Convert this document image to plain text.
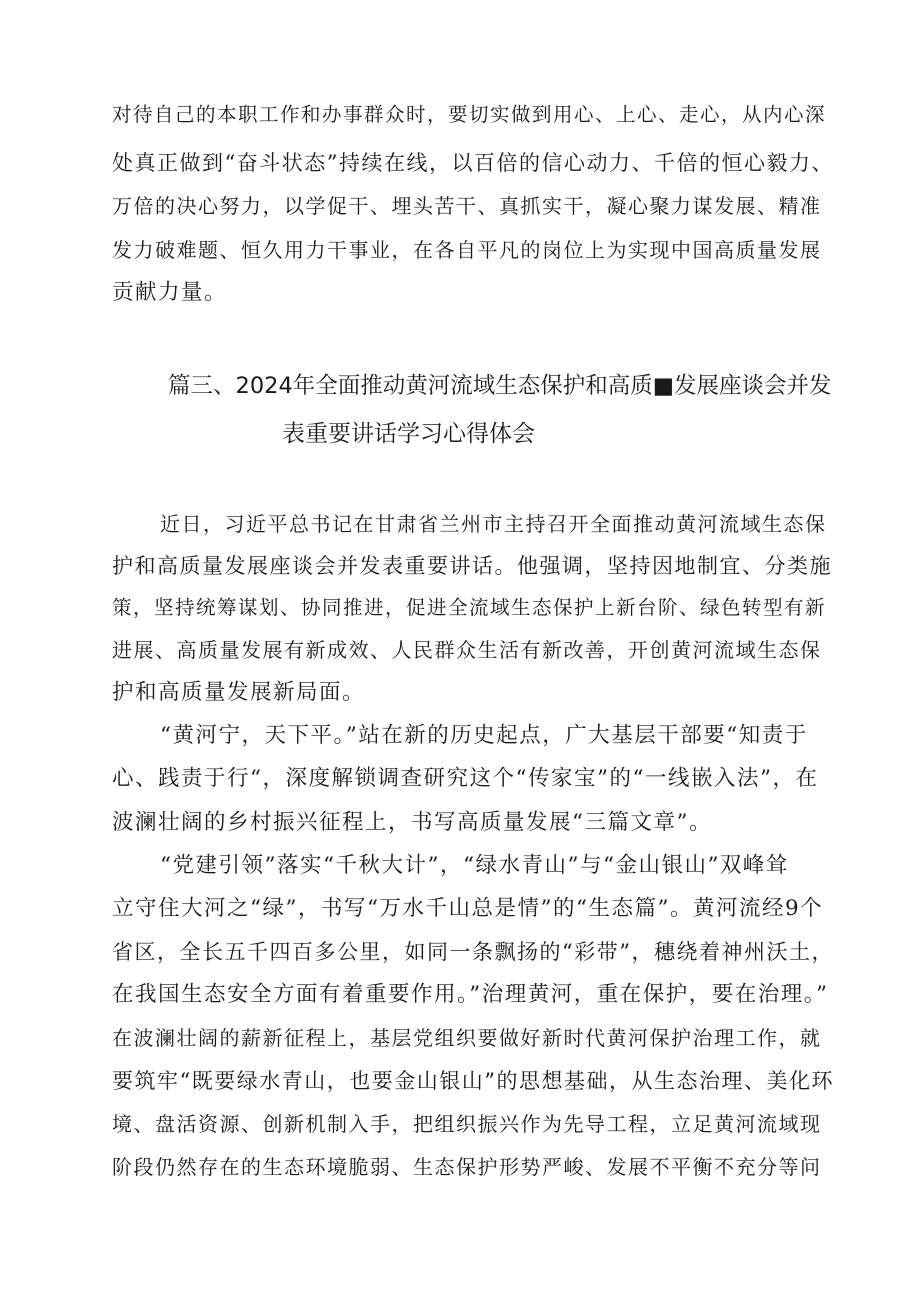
对待自己的本职工作和办事群众时，要切实做到用心、上心、走心，从内心深
处真正做到“奋斗状态”持续在线，以百倍的信心动力、千倍的恒心毅力、
万倍的决心努力，以学促干、埋头苦干、真抓实干，凝心聚力谋发展、精准
发力破难题、恒久用力干事业，在各自平凡的岗位上为实现中国高质量发展
贡献力量。
篇三、2024年全面推动黄河流域生态保护和高质■发展座谈会并发
表重要讲话学习心得体会
近日，习近平总书记在甘肃省兰州市主持召开全面推动黄河流域生态保
护和高质量发展座谈会并发表重要讲话。他强调，坚持因地制宜、分类施
策，坚持统筹谋划、协同推进，促进全流域生态保护上新台阶、绿色转型有新
进展、高质量发展有新成效、人民群众生活有新改善，开创黄河流域生态保
护和高质量发展新局面。
“黄河宁，天下平。”站在新的历史起点，广大基层干部要“知责于
心、践责于行“，深度解锁调查研究这个“传家宝”的“一线嵌入法”，在
波澜壮阔的乡村振兴征程上，书写高质量发展“三篇文章”。
“党建引领”落实“千秋大计”，“绿水青山”与“金山银山”双峰耸
立守住大河之“绿”，书写“万水千山总是情”的“生态篇”。黄河流经9个
省区，全长五千四百多公里，如同一条飘扬的“彩带”，穗绕着神州沃土，
在我国生态安全方面有着重要作用。”治理黄河，重在保护，要在治理。”
在波澜壮阔的薪新征程上，基层党组织要做好新时代黄河保护治理工作，就
要筑牢“既要绿水青山，也要金山银山”的思想基础，从生态治理、美化环
境、盘活资源、创新机制入手，把组织振兴作为先导工程，立足黄河流域现
阶段仍然存在的生态环境脆弱、生态保护形势严峻、发展不平衡不充分等问
